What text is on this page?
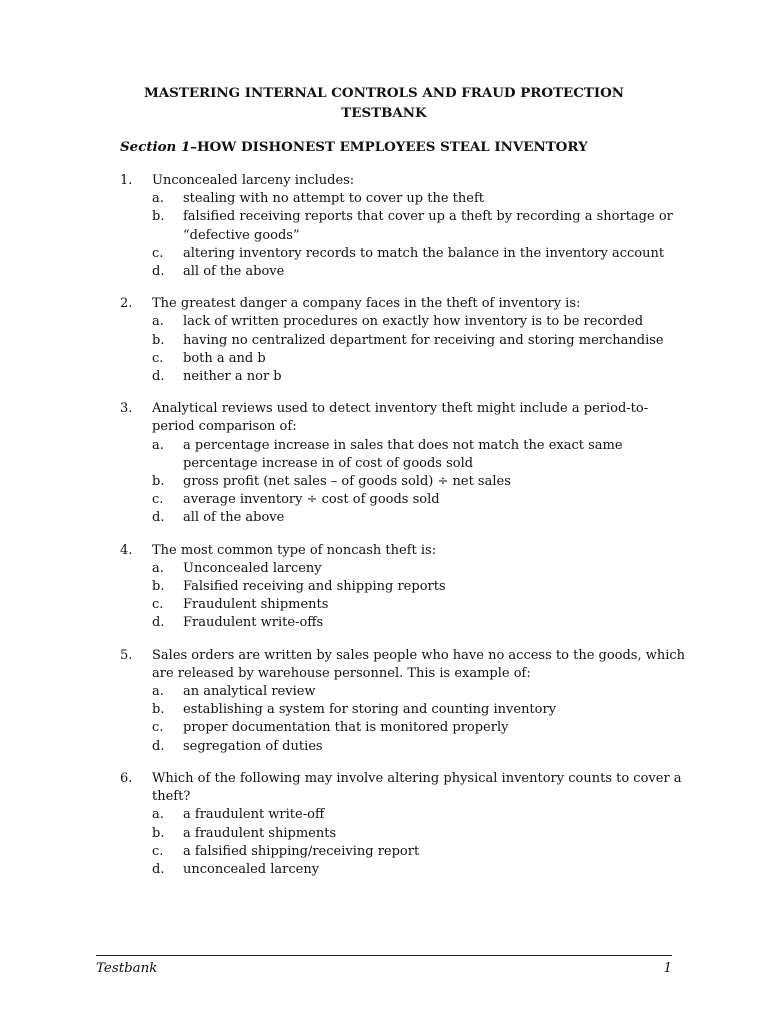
MASTERING INTERNAL CONTROLS AND FRAUD PROTECTION
TESTBANK
Section 1–HOW DISHONEST EMPLOYEES STEAL INVENTORY
1.	Unconcealed larceny includes:
a.	stealing with no attempt to cover up the theft
b.	falsified receiving reports that cover up a theft by recording a shortage or “defective goods”
c.	altering inventory records to match the balance in the inventory account
d.	all of the above
2.	The greatest danger a company faces in the theft of inventory is:
a.	lack of written procedures on exactly how inventory is to be recorded
b.	having no centralized department for receiving and storing merchandise
c.	both a and b
d.	neither a nor b
3.	Analytical reviews used to detect inventory theft might include a period-to-period comparison of:
a.	a percentage increase in sales that does not match the exact same percentage increase in of cost of goods sold
b.	gross profit (net sales – of goods sold) ÷ net sales
c.	average inventory ÷ cost of goods sold
d.	all of the above
4.	The most common type of noncash theft is:
a.	Unconcealed larceny
b.	Falsified receiving and shipping reports
c.	Fraudulent shipments
d.	Fraudulent write-offs
5.	Sales orders are written by sales people who have no access to the goods, which are released by warehouse personnel. This is example of:
a.	an analytical review
b.	establishing a system for storing and counting inventory
c.	proper documentation that is monitored properly
d.	segregation of duties
6.	Which of the following may involve altering physical inventory counts to cover a theft?
a.	a fraudulent write-off
b.	a fraudulent shipments
c.	a falsified shipping/receiving report
d.	unconcealed larceny
Testbank	1
